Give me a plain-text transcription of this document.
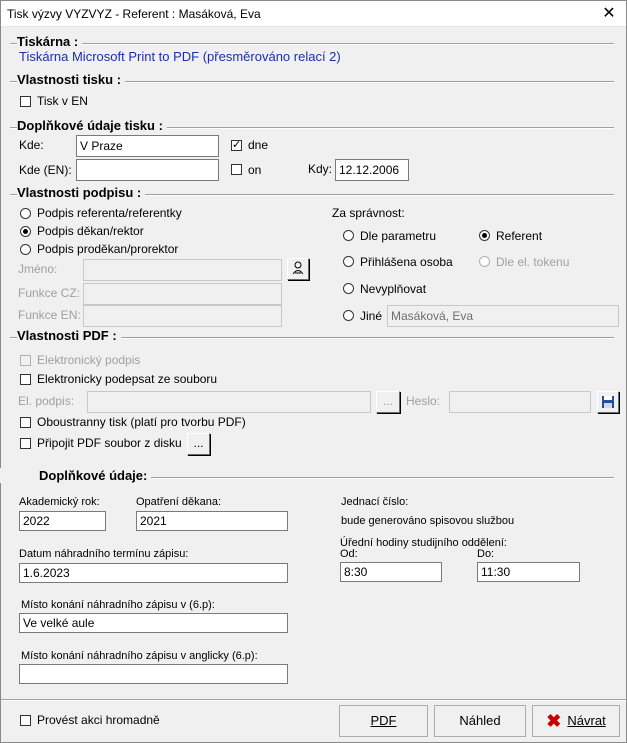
Tisk výzvy VYZVYZ - Referent : Masáková, Eva	✕
Tiskárna :
Tiskárna Microsoft Print to PDF (přesměrováno relací 2)
Vlastnosti tisku :
Tisk v EN
Doplňkové údaje tisku :
Kde:	V Praze	✓ dne
Kde (EN):	on	Kdy: 12.12.2006
Vlastnosti podpisu :
Podpis referenta/referentky
Podpis děkan/rektor
Podpis proděkan/prorektor
Jméno:
Funkce CZ:
Funkce EN:
Za správnost:
Dle parametru	Referent
Přihlášena osoba	Dle el. tokenu
Nevyplňovat
Jiné Masáková, Eva
Vlastnosti PDF :
Elektronický podpis
Elektronicky podepsat ze souboru
El. podpis:	...	Heslo:
Oboustranny tisk (platí pro tvorbu PDF)
Připojit PDF soubor z disku ...
Doplňkové údaje:
Akademický rok:
2022
Opatření děkana:
2021
Jednací číslo:
bude generováno spisovou službou
Datum náhradního termínu zápisu:
1.6.2023
Úřední hodiny studijního oddělení:
Od:
8:30
Do:
11:30
Místo konání náhradního zápisu v (6.p):
Ve velké aule
Místo konání náhradního zápisu v anglicky (6.p):
Provést akci hromadně	PDF	Náhled	✖ Návrat
